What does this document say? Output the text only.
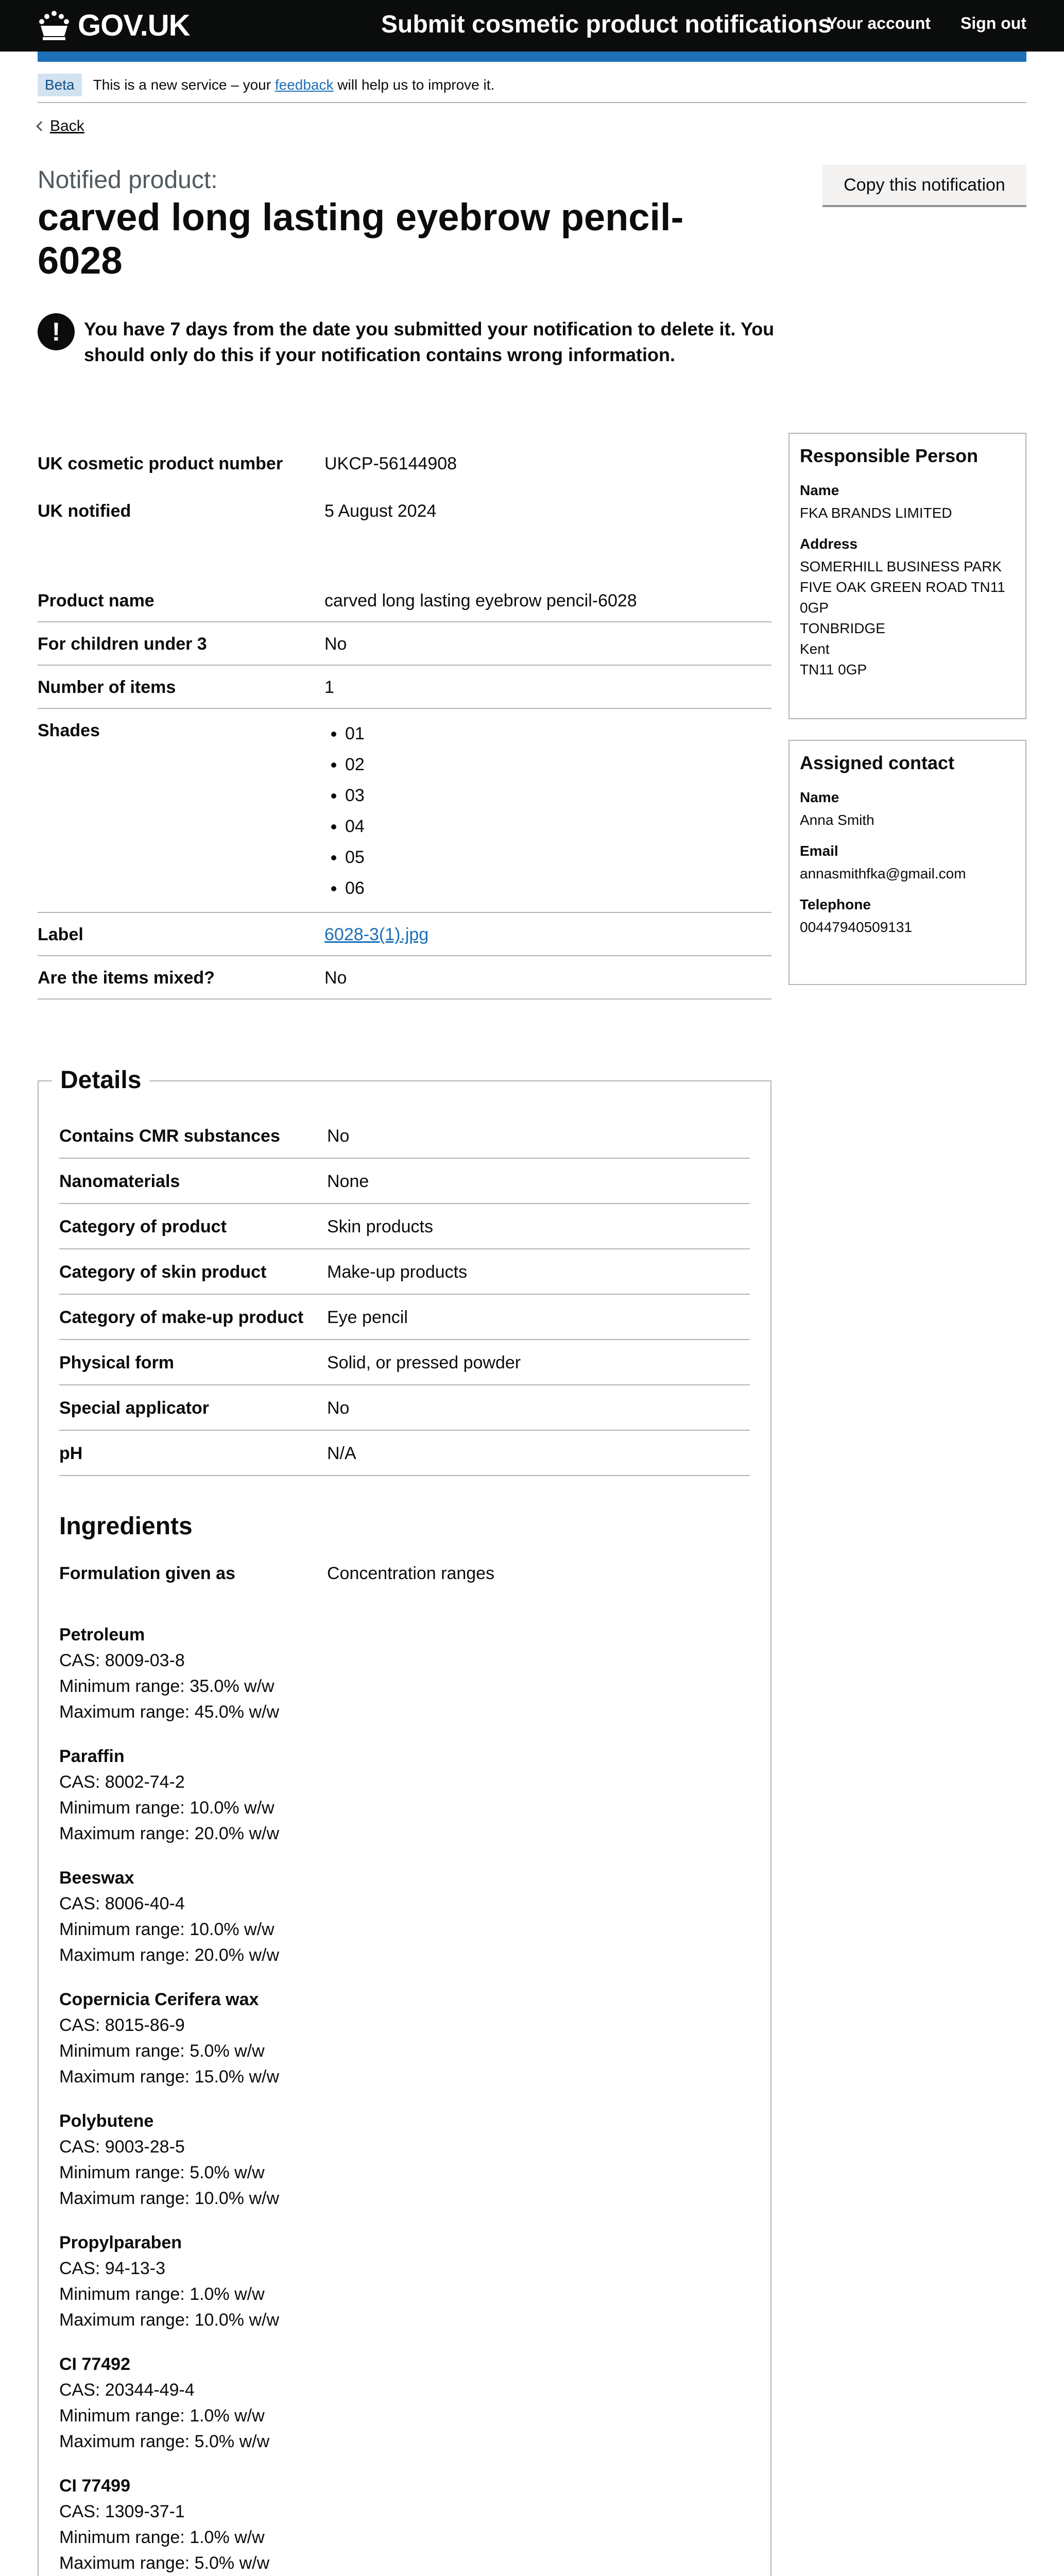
GOV.UK	Submit cosmetic product notifications
Your account Sign out
Beta	This is a new service – your feedback will help us to improve it.
Back
Notified product:
carved long lasting eyebrow pencil-6028
Copy this notification
!	You have 7 days from the date you submitted your notification to delete it. You should only do this if your notification contains wrong information.
UK cosmetic product number	UKCP-56144908
UK notified	5 August 2024
Product name	carved long lasting eyebrow pencil-6028
For children under 3	No
Number of items	1
Shades
•	01
• 02
• 03
• 04
• 05
• 06
Label	6028-3(1).jpg
Are the items mixed?	No
Responsible Person
Name
FKA BRANDS LIMITED
Address
SOMERHILL BUSINESS PARK
FIVE OAK GREEN ROAD TN11
0GP
TONBRIDGE
Kent
TN11 0GP
Assigned contact
Name
Anna Smith
Email
annasmithfka@gmail.com
Telephone
00447940509131
Details
Contains CMR substances	No
Nanomaterials	None
Category of product	Skin products
Category of skin product	Make-up products
Category of make-up product	Eye pencil
Physical form	Solid, or pressed powder
Special applicator	No
pH	N/A
Ingredients
Formulation given as	Concentration ranges
Petroleum
CAS: 8009-03-8
Minimum range: 35.0% w/w
Maximum range: 45.0% w/w
Paraffin
CAS: 8002-74-2
Minimum range: 10.0% w/w
Maximum range: 20.0% w/w
Beeswax
CAS: 8006-40-4
Minimum range: 10.0% w/w
Maximum range: 20.0% w/w
Copernicia Cerifera wax
CAS: 8015-86-9
Minimum range: 5.0% w/w
Maximum range: 15.0% w/w
Polybutene
CAS: 9003-28-5
Minimum range: 5.0% w/w
Maximum range: 10.0% w/w
Propylparaben
CAS: 94-13-3
Minimum range: 1.0% w/w
Maximum range: 10.0% w/w
CI 77492
CAS: 20344-49-4
Minimum range: 1.0% w/w
Maximum range: 5.0% w/w
CI 77499
CAS: 1309-37-1
Minimum range: 1.0% w/w
Maximum range: 5.0% w/w
